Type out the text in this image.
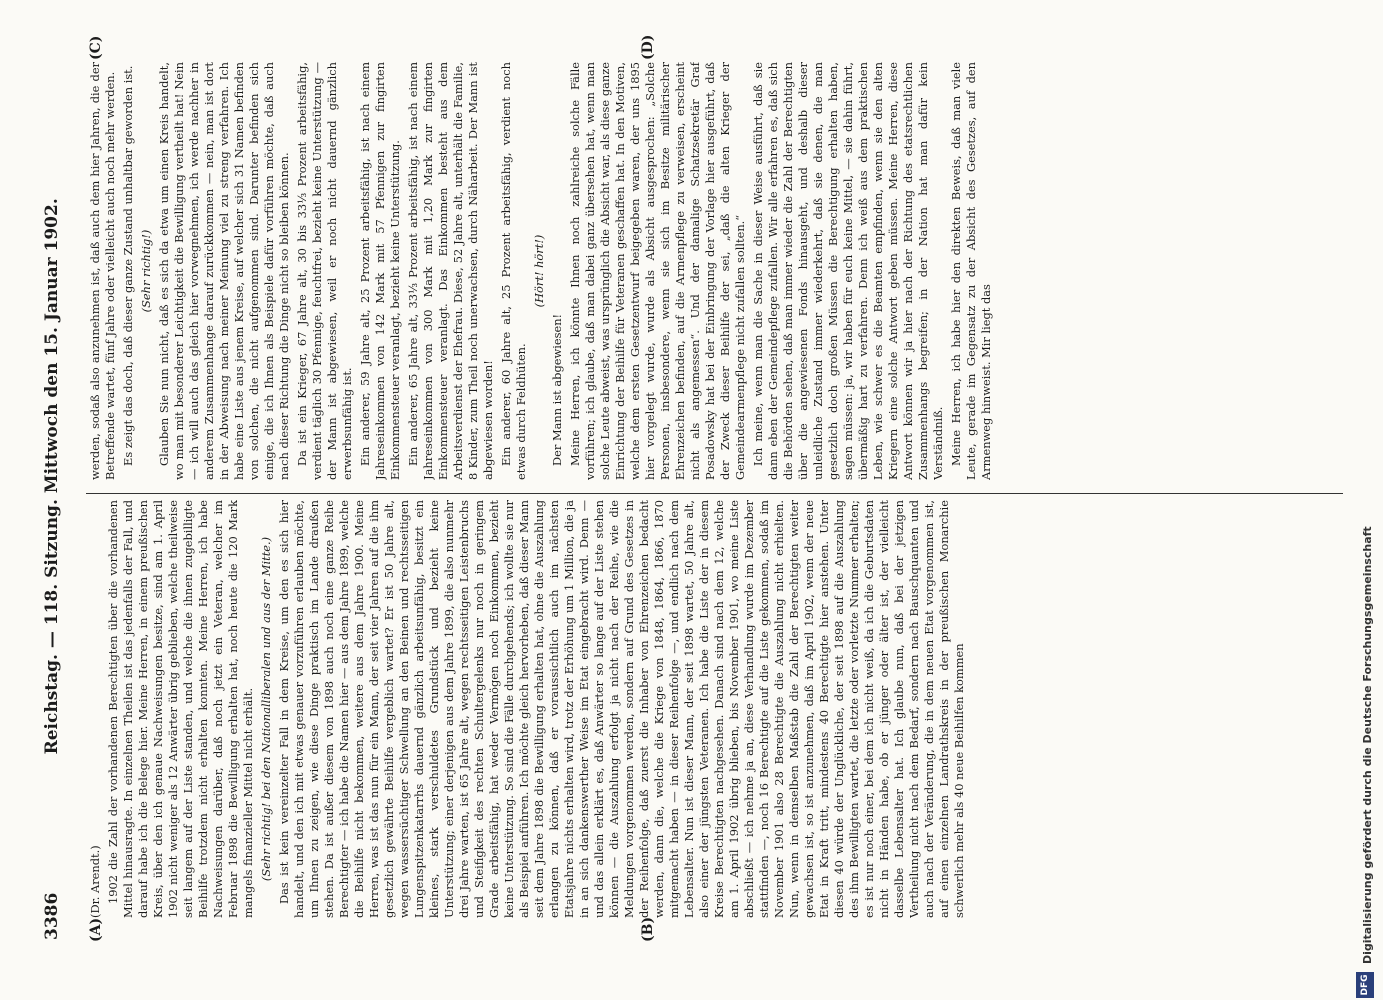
3386
Reichstag. — 118. Sitzung. Mittwoch den 15. Januar 1902.
(A)	(B)
(C)	(D)

(Dr. Arendt.) 1902 die Zahl der vorhandenen Berechtigten über die vorhandenen Mittel hinausragte. In einzelnen Theilen ist das jedenfalls der Fall, und darauf habe ich die Belege hier. Meine Herren, in einem preußischen Kreis, über den ich genaue Nachweisungen besitze, sind am 1. April 1902 nicht weniger als 12 Anwärter übrig geblieben, welche theilweise seit langem auf der Liste standen, und welche die ihnen zugebilligte Beihilfe trotzdem nicht erhalten konnten. Meine Herren, ich habe Nachweisungen darüber, daß noch jetzt ein Veteran, welcher im Februar 1898 die Bewilligung erhalten hat, noch heute die 120 Mark mangels finanzieller Mittel nicht erhält. (Sehr richtig! bei den Nationalliberalen und aus der Mitte.) Das ist kein vereinzelter Fall in dem Kreise, um den es sich hier handelt, und den ich mit etwas genauer vorzuführen erlauben möchte, um Ihnen zu zeigen, wie diese Dinge praktisch im Lande draußen stehen. Da ist außer diesem von 1898 auch noch eine ganze Reihe Berechtigter — ich habe die Namen hier — aus dem Jahre 1899, welche die Beihilfe nicht bekommen, weitere aus dem Jahre 1900. Meine Herren, was ist das nun für ein Mann, der seit vier Jahren auf die ihm gesetzlich gewährte Beihilfe vergeblich wartet? Er ist 50 Jahre alt, wegen wassersüchtiger Schwellung an den Beinen und rechtsseitigen Lungenspitzenkatarrhs dauernd gänzlich arbeitsunfähig, besitzt ein kleines, stark verschuldetes Grundstück und bezieht keine Unterstützung; einer derjenigen aus dem Jahre 1899, die also nunmehr drei Jahre warten, ist 65 Jahre alt, wegen rechtsseitigen Leistenbruchs und Steifigkeit des rechten Schultergelenks nur noch in geringem Grade arbeitsfähig, hat weder Vermögen noch Einkommen, bezieht keine Unterstützung. So sind die Fälle durchgehends; ich wollte sie nur als Beispiel anführen. Ich möchte gleich hervorheben, daß dieser Mann seit dem Jahre 1898 die Bewilligung erhalten hat, ohne die Auszahlung erlangen zu können, daß er voraussichtlich auch im nächsten Etatsjahre nichts erhalten wird, trotz der Erhöhung um 1 Million, die ja in an sich dankenswerther Weise im Etat eingebracht wird. Denn — und das allein erklärt es, daß Anwärter so lange auf der Liste stehen können — die Auszahlung erfolgt ja nicht nach der Reihe, wie die Meldungen vorgenommen werden, sondern auf Grund des Gesetzes in der Reihenfolge, daß zuerst die Inhaber von Ehrenzeichen bedacht werden, dann die, welche die Kriege von 1848, 1864, 1866, 1870 mitgemacht haben — in dieser Reihenfolge —, und endlich nach dem Lebensalter. Nun ist dieser Mann, der seit 1898 wartet, 50 Jahre alt, also einer der jüngsten Veteranen. Ich habe die Liste der in diesem Kreise Berechtigten nachgesehen. Danach sind nach dem 12, welche am 1. April 1902 übrig blieben, bis November 1901, wo meine Liste abschließt — ich nehme ja an, diese Verhandlung wurde im Dezember stattfinden —, noch 16 Berechtigte auf die Liste gekommen, sodaß im November 1901 also 28 Berechtigte die Auszahlung nicht erhielten. Nun, wenn in demselben Maßstab die Zahl der Berechtigten weiter gewachsen ist, so ist anzunehmen, daß im April 1902, wenn der neue Etat in Kraft tritt, mindestens 40 Berechtigte hier anstehen. Unter diesen 40 würde der Unglückliche, der seit 1898 auf die Auszahlung des ihm Bewilligten wartet, die letzte oder vorletzte Nummer erhalten; es ist nur noch einer, bei dem ich nicht weiß, da ich die Geburtsdaten nicht in Händen habe, ob er jünger oder älter ist, der vielleicht dasselbe Lebensalter hat. Ich glaube nun, daß bei der jetzigen Vertheilung nicht nach dem Bedarf, sondern nach Bauschquanten und auch nach der Veränderung, die in dem neuen Etat vorgenommen ist, auf einen einzelnen Landrathskreis in der preußischen Monarchie schwerlich mehr als 40 neue Beihilfen kommen

werden, sodaß also anzunehmen ist, daß auch dem hier Jahren, die der Betreffende wartet, fünf Jahre oder vielleicht auch noch mehr werden. Es zeigt das doch, daß dieser ganze Zustand unhaltbar geworden ist. (Sehr richtig!) Glauben Sie nun nicht, daß es sich da etwa um einen Kreis handelt, wo man mit besonderer Leichtigkeit die Bewilligung vertheilt hat! Nein — ich will auch das gleich hier vorwegnehmen, ich werde nachher in anderem Zusammenhange darauf zurückkommen — nein, man ist dort in der Abweisung nach meiner Meinung viel zu streng verfahren. Ich habe eine Liste aus jenem Kreise, auf welcher sich 31 Namen befinden von solchen, die nicht aufgenommen sind. Darunter befinden sich einige, die ich Ihnen als Beispiele dafür vorführen möchte, daß auch nach dieser Richtung die Dinge nicht so bleiben können. Da ist ein Krieger, 67 Jahre alt, 30 bis 33⅓ Prozent arbeitsfähig, verdient täglich 30 Pfennige, feuchtfrei, bezieht keine Unterstützung — der Mann ist abgewiesen, weil er noch nicht dauernd gänzlich erwerbsunfähig ist. Ein anderer, 59 Jahre alt, 25 Prozent arbeitsfähig, ist nach einem Jahreseinkommen von 142 Mark mit 57 Pfennigen zur fingirten Einkommensteuer veranlagt, bezieht keine Unterstützung. Ein anderer, 65 Jahre alt, 33⅓ Prozent arbeitsfähig, ist nach einem Jahreseinkommen von 300 Mark mit 1,20 Mark zur fingirten Einkommensteuer veranlagt. Das Einkommen besteht aus dem Arbeitsverdienst der Ehefrau. Diese, 52 Jahre alt, unterhält die Familie, 8 Kinder, zum Theil noch unerwachsen, durch Näharbeit. Der Mann ist abgewiesen worden! Ein anderer, 60 Jahre alt, 25 Prozent arbeitsfähig, verdient noch etwas durch Feldhüten.

(Hört! hört!)

Der Mann ist abgewiesen! Meine Herren, ich könnte Ihnen noch zahlreiche solche Fälle vorführen; ich glaube, daß man dabei ganz übersehen hat, wenn man solche Leute abweist, was ursprünglich die Absicht war, als diese ganze Einrichtung der Beihilfe für Veteranen geschaffen hat. In den Motiven, welche dem ersten Gesetzentwurf beigegeben waren, der uns 1895 hier vorgelegt wurde, wurde als Absicht ausgesprochen: „Solche Personen, insbesondere, wenn sie sich im Besitze militärischer Ehrenzeichen befinden, auf die Armenpflege zu verweisen, erscheint nicht als angemessen“. Und der damalige Schatzsekretär Graf Posadowsky hat bei der Einbringung der Vorlage hier ausgeführt, daß der Zweck dieser Beihilfe der sei, „daß die alten Krieger der Gemeindearmenpflege nicht zufallen sollten.“ Ich meine, wenn man die Sache in dieser Weise ausführt, daß sie dann eben der Gemeindepflege zufallen. Wir alle erfahren es, daß sich die Behörden sehen, daß man immer wieder die Zahl der Berechtigten über die angewiesenen Fonds hinausgeht, und deshalb dieser unleidliche Zustand immer wiederkehrt, daß sie denen, die man gesetzlich doch großen Müssen die Berechtigung erhalten haben, sagen müssen: ja, wir haben für euch keine Mittel, — sie dahin führt, übermäßig hart zu verfahren. Denn ich weiß aus dem praktischen Leben, wie schwer es die Beamten empfinden, wenn sie den alten Kriegern eine solche Antwort geben müssen. Meine Herren, diese Antwort können wir ja hier nach der Richtung des etatsrechtlichen Zusammenhangs begreifen; in der Nation hat man dafür kein Verständniß. Meine Herren, ich habe hier den direkten Beweis, daß man viele Leute, gerade im Gegensatz zu der Absicht des Gesetzes, auf den Armenweg hinweist. Mir liegt das

DFG
Digitalisierung gefördert durch die Deutsche Forschungsgemeinschaft
